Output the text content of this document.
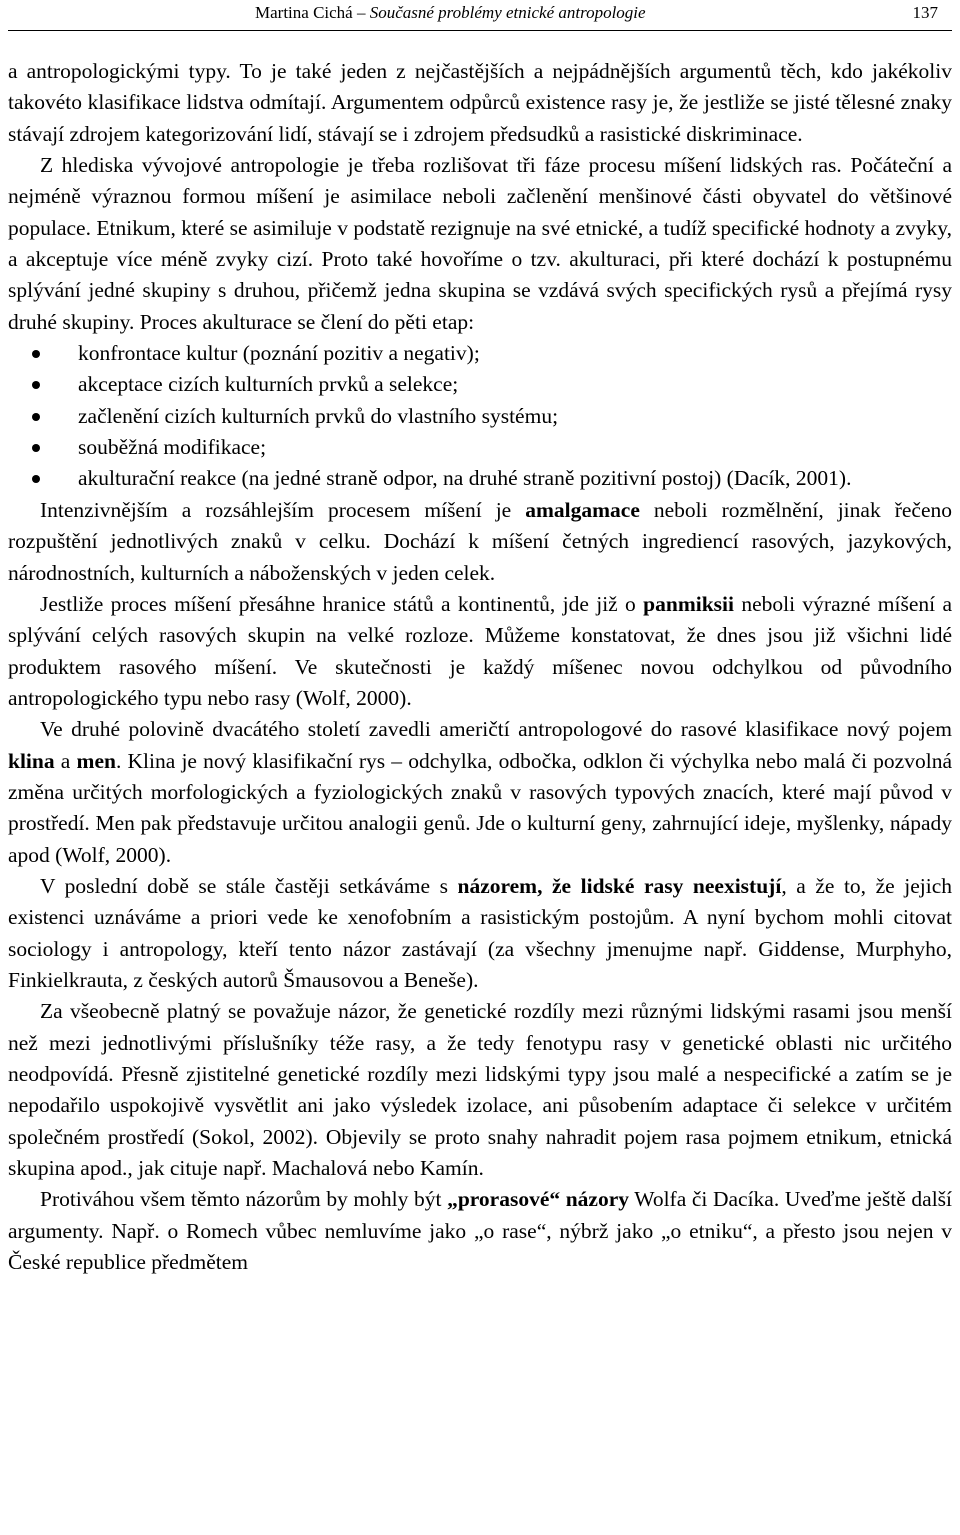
Martina Cichá – Současné problémy etnické antropologie	137

a antropologickými typy. To je také jeden z nejčastějších a nejpádnějších argumentů těch, kdo jakékoliv takovéto klasifikace lidstva odmítají. Argumentem odpůrců existence rasy je, že jestliže se jisté tělesné znaky stávají zdrojem kategorizování lidí, stávají se i zdrojem předsudků a rasistické diskriminace.

Z hlediska vývojové antropologie je třeba rozlišovat tři fáze procesu míšení lidských ras. Počáteční a nejméně výraznou formou míšení je asimilace neboli začlenění menšinové části obyvatel do většinové populace. Etnikum, které se asimiluje v podstatě rezignuje na své etnické, a tudíž specifické hodnoty a zvyky, a akceptuje více méně zvyky cizí. Proto také hovoříme o tzv. akulturaci, při které dochází k postupnému splývání jedné skupiny s druhou, přičemž jedna skupina se vzdává svých specifických rysů a přejímá rysy druhé skupiny. Proces akulturace se člení do pěti etap:

konfrontace kultur (poznání pozitiv a negativ);
akceptace cizích kulturních prvků a selekce;
začlenění cizích kulturních prvků do vlastního systému;
souběžná modifikace;
akulturační reakce (na jedné straně odpor, na druhé straně pozitivní postoj) (Dacík, 2001).

Intenzivnějším a rozsáhlejším procesem míšení je amalgamace neboli rozmělnění, jinak řečeno rozpuštění jednotlivých znaků v celku. Dochází k míšení četných ingrediencí rasových, jazykových, národnostních, kulturních a náboženských v jeden celek.

Jestliže proces míšení přesáhne hranice států a kontinentů, jde již o panmiksii neboli výrazné míšení a splývání celých rasových skupin na velké rozloze. Můžeme konstatovat, že dnes jsou již všichni lidé produktem rasového míšení. Ve skutečnosti je každý míšenec novou odchylkou od původního antropologického typu nebo rasy (Wolf, 2000).

Ve druhé polovině dvacátého století zavedli američtí antropologové do rasové klasifikace nový pojem klina a men. Klina je nový klasifikační rys – odchylka, odbočka, odklon či výchylka nebo malá či pozvolná změna určitých morfologických a fyziologických znaků v rasových typových znacích, které mají původ v prostředí. Men pak představuje určitou analogii genů. Jde o kulturní geny, zahrnující ideje, myšlenky, nápady apod (Wolf, 2000).

V poslední době se stále častěji setkáváme s názorem, že lidské rasy neexistují, a že to, že jejich existenci uznáváme a priori vede ke xenofobním a rasistickým postojům. A nyní bychom mohli citovat sociology i antropology, kteří tento názor zastávají (za všechny jmenujme např. Giddense, Murphyho, Finkielkrauta, z českých autorů Šmausovou a Beneše).

Za všeobecně platný se považuje názor, že genetické rozdíly mezi různými lidskými rasami jsou menší než mezi jednotlivými příslušníky téže rasy, a že tedy fenotypu rasy v genetické oblasti nic určitého neodpovídá. Přesně zjistitelné genetické rozdíly mezi lidskými typy jsou malé a nespecifické a zatím se je nepodařilo uspokojivě vysvětlit ani jako výsledek izolace, ani působením adaptace či selekce v určitém společném prostředí (Sokol, 2002). Objevily se proto snahy nahradit pojem rasa pojmem etnikum, etnická skupina apod., jak cituje např. Machalová nebo Kamín.

Protiváhou všem těmto názorům by mohly být „prorasové“ názory Wolfa či Dacíka. Uveďme ještě další argumenty. Např. o Romech vůbec nemluvíme jako „o rase“, nýbrž jako „o etniku“, a přesto jsou nejen v České republice předmětem
